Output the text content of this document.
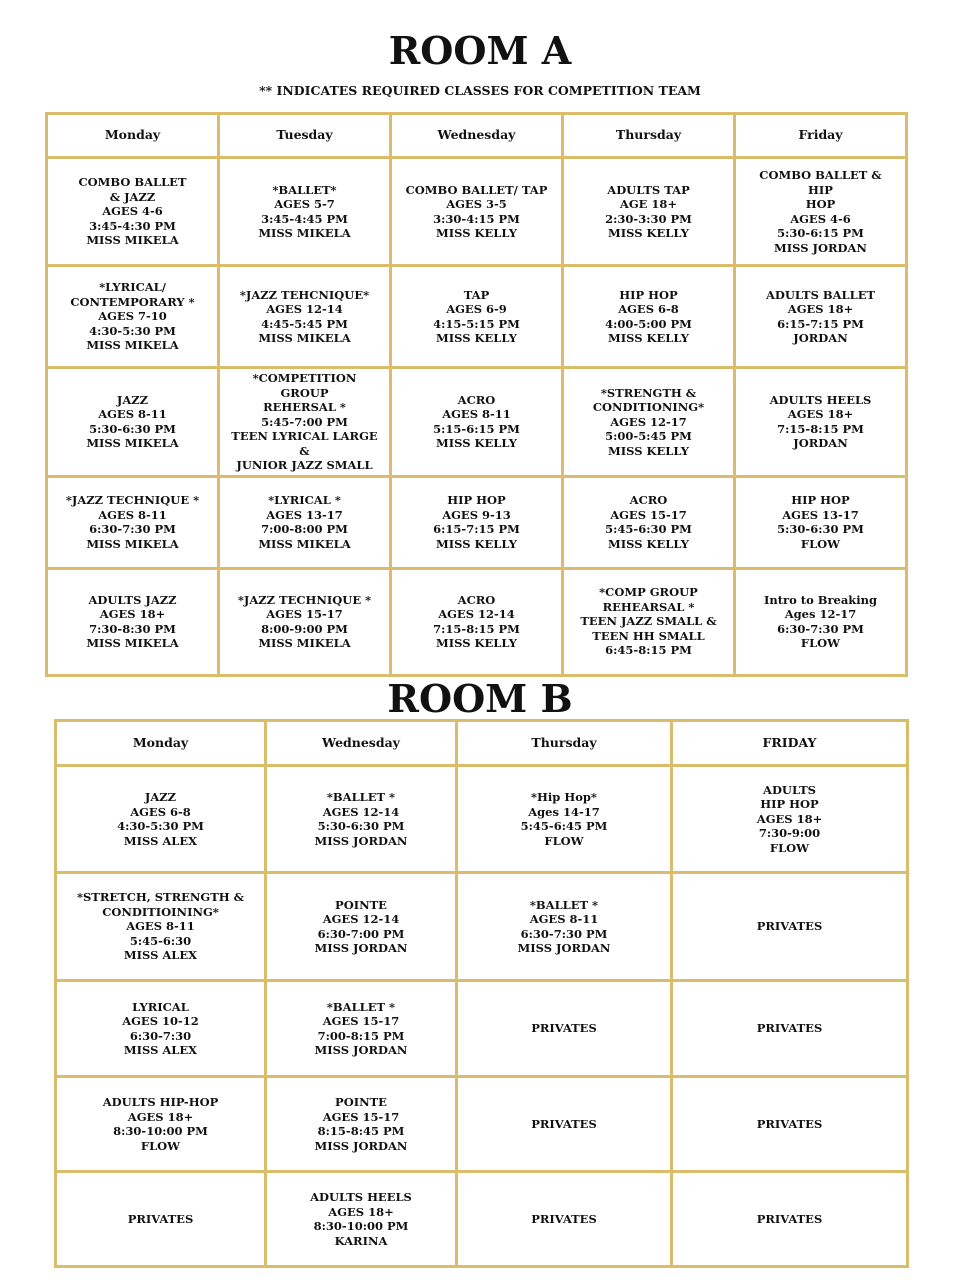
ROOM A
** INDICATES REQUIRED CLASSES FOR COMPETITION TEAM
Monday	Tuesday	Wednesday	Thursday	Friday

COMBO BALLET
& JAZZ
AGES 4-6
3:45-4:30 PM
MISS MIKELA	*BALLET*
AGES 5-7
3:45-4:45 PM
MISS MIKELA	COMBO BALLET/ TAP
AGES 3-5
3:30-4:15 PM
MISS KELLY	ADULTS TAP
AGE 18+
2:30-3:30 PM
MISS KELLY	COMBO BALLET & HIP
HOP
AGES 4-6
5:30-6:15 PM
MISS JORDAN

*LYRICAL/
CONTEMPORARY *
AGES 7-10
4:30-5:30 PM
MISS MIKELA	*JAZZ TEHCNIQUE*
AGES 12-14
4:45-5:45 PM
MISS MIKELA	TAP
AGES 6-9
4:15-5:15 PM
MISS KELLY	HIP HOP
AGES 6-8
4:00-5:00 PM
MISS KELLY	ADULTS BALLET
AGES 18+
6:15-7:15 PM
JORDAN

JAZZ
AGES 8-11
5:30-6:30 PM
MISS MIKELA	*COMPETITION GROUP
REHERSAL *
5:45-7:00 PM
TEEN LYRICAL LARGE &
JUNIOR JAZZ SMALL	ACRO
AGES 8-11
5:15-6:15 PM
MISS KELLY	*STRENGTH &
CONDITIONING*
AGES 12-17
5:00-5:45 PM
MISS KELLY	ADULTS HEELS
AGES 18+
7:15-8:15 PM
JORDAN

*JAZZ TECHNIQUE *
AGES 8-11
6:30-7:30 PM
MISS MIKELA	*LYRICAL *
AGES 13-17
7:00-8:00 PM
MISS MIKELA	HIP HOP
AGES 9-13
6:15-7:15 PM
MISS KELLY	ACRO
AGES 15-17
5:45-6:30 PM
MISS KELLY	HIP HOP
AGES 13-17
5:30-6:30 PM
FLOW

ADULTS JAZZ
AGES 18+
7:30-8:30 PM
MISS MIKELA	*JAZZ TECHNIQUE *
AGES 15-17
8:00-9:00 PM
MISS MIKELA	ACRO
AGES 12-14
7:15-8:15 PM
MISS KELLY	*COMP GROUP
REHEARSAL *
TEEN JAZZ SMALL &
TEEN HH SMALL
6:45-8:15 PM	Intro to Breaking
Ages 12-17
6:30-7:30 PM
FLOW
ROOM B
Monday	Wednesday	Thursday	FRIDAY

JAZZ
AGES 6-8
4:30-5:30 PM
MISS ALEX	*BALLET *
AGES 12-14
5:30-6:30 PM
MISS JORDAN	*Hip Hop*
Ages 14-17
5:45-6:45 PM
FLOW	ADULTS
HIP HOP
AGES 18+
7:30-9:00
FLOW

*STRETCH, STRENGTH &
CONDITIOINING*
AGES 8-11
5:45-6:30
MISS ALEX	POINTE
AGES 12-14
6:30-7:00 PM
MISS JORDAN	*BALLET *
AGES 8-11
6:30-7:30 PM
MISS JORDAN	PRIVATES

LYRICAL
AGES 10-12
6:30-7:30
MISS ALEX	*BALLET *
AGES 15-17
7:00-8:15 PM
MISS JORDAN	PRIVATES	PRIVATES

ADULTS HIP-HOP
AGES 18+
8:30-10:00 PM
FLOW	POINTE
AGES 15-17
8:15-8:45 PM
MISS JORDAN	PRIVATES	PRIVATES

PRIVATES	ADULTS HEELS
AGES 18+
8:30-10:00 PM
KARINA	PRIVATES	PRIVATES
